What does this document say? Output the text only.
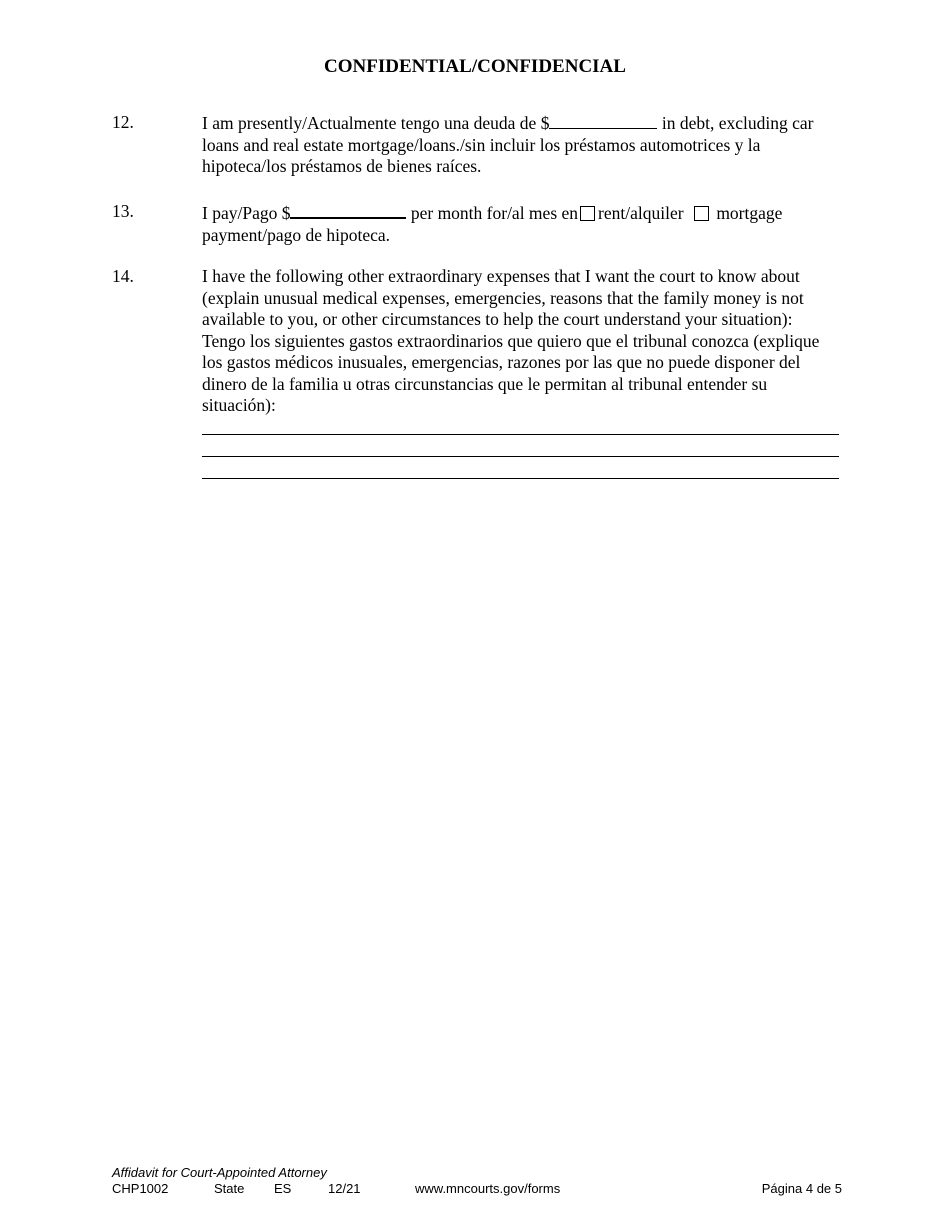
CONFIDENTIAL/CONFIDENCIAL
12.	I am presently/Actualmente tengo una deuda de $	in debt, excluding car loans and real estate mortgage/loans./sin incluir los préstamos automotrices y la hipoteca/los préstamos de bienes raíces.
13.	I pay/Pago $	per month for/al mes en rent/alquiler mortgage payment/pago de hipoteca.
14.	I have the following other extraordinary expenses that I want the court to know about (explain unusual medical expenses, emergencies, reasons that the family money is not available to you, or other circumstances to help the court understand your situation):
Tengo los siguientes gastos extraordinarios que quiero que el tribunal conozca (explique los gastos médicos inusuales, emergencias, razones por las que no puede disponer del dinero de la familia u otras circunstancias que le permitan al tribunal entender su situación):
Affidavit for Court-Appointed Attorney
CHP1002	State ES	12/21	www.mncourts.gov/forms	Página 4 de 5
